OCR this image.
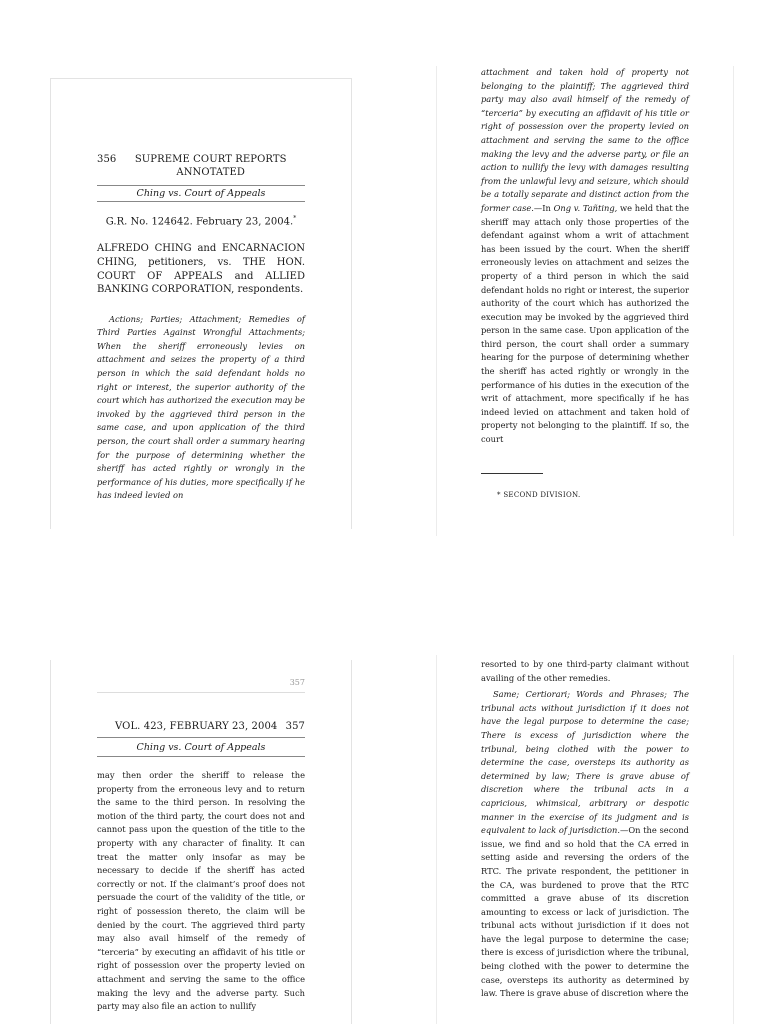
356	SUPREME COURT REPORTS ANNOTATED
Ching vs. Court of Appeals
G.R. No. 124642. February 23, 2004.*
ALFREDO CHING and ENCARNACION CHING, petitioners, vs. THE HON. COURT OF APPEALS and ALLIED BANKING CORPORATION, respondents.
Actions; Parties; Attachment; Remedies of Third Parties Against Wrongful Attachments; When the sheriff erroneously levies on attachment and seizes the property of a third person in which the said defendant holds no right or interest, the superior authority of the court which has authorized the execution may be invoked by the aggrieved third person in the same case, and upon application of the third person, the court shall order a summary hearing for the purpose of determining whether the sheriff has acted rightly or wrongly in the performance of his duties, more specifically if he has indeed levied on
attachment and taken hold of property not belonging to the plaintiff; The aggrieved third party may also avail himself of the remedy of “terceria” by executing an affidavit of his title or right of possession over the property levied on attachment and serving the same to the office making the levy and the adverse party, or file an action to nullify the levy with damages resulting from the unlawful levy and seizure, which should be a totally separate and distinct action from the former case.—In Ong v. Tañting, we held that the sheriff may attach only those properties of the defendant against whom a writ of attachment has been issued by the court. When the sheriff erroneously levies on attachment and seizes the property of a third person in which the said defendant holds no right or interest, the superior authority of the court which has authorized the execution may be invoked by the aggrieved third person in the same case. Upon application of the third person, the court shall order a summary hearing for the purpose of determining whether the sheriff has acted rightly or wrongly in the performance of his duties in the execution of the writ of attachment, more specifically if he has indeed levied on attachment and taken hold of property not belonging to the plaintiff. If so, the court
* SECOND DIVISION.
357
VOL. 423, FEBRUARY 23, 2004 357
Ching vs. Court of Appeals
may then order the sheriff to release the property from the erroneous levy and to return the same to the third person. In resolving the motion of the third party, the court does not and cannot pass upon the question of the title to the property with any character of finality. It can treat the matter only insofar as may be necessary to decide if the sheriff has acted correctly or not. If the claimant’s proof does not persuade the court of the validity of the title, or right of possession thereto, the claim will be denied by the court. The aggrieved third party may also avail himself of the remedy of “terceria” by executing an affidavit of his title or right of possession over the property levied on attachment and serving the same to the office making the levy and the adverse party. Such party may also file an action to nullify
resorted to by one third-party claimant without availing of the other remedies.
Same; Certiorari; Words and Phrases; The tribunal acts without jurisdiction if it does not have the legal purpose to determine the case; There is excess of jurisdiction where the tribunal, being clothed with the power to determine the case, oversteps its authority as determined by law; There is grave abuse of discretion where the tribunal acts in a capricious, whimsical, arbitrary or despotic manner in the exercise of its judgment and is equivalent to lack of jurisdiction.—On the second issue, we find and so hold that the CA erred in setting aside and reversing the orders of the RTC. The private respondent, the petitioner in the CA, was burdened to prove that the RTC committed a grave abuse of its discretion amounting to excess or lack of jurisdiction. The tribunal acts without jurisdiction if it does not have the legal purpose to determine the case; there is excess of jurisdiction where the tribunal, being clothed with the power to determine the case, oversteps its authority as determined by law. There is grave abuse of discretion where the
